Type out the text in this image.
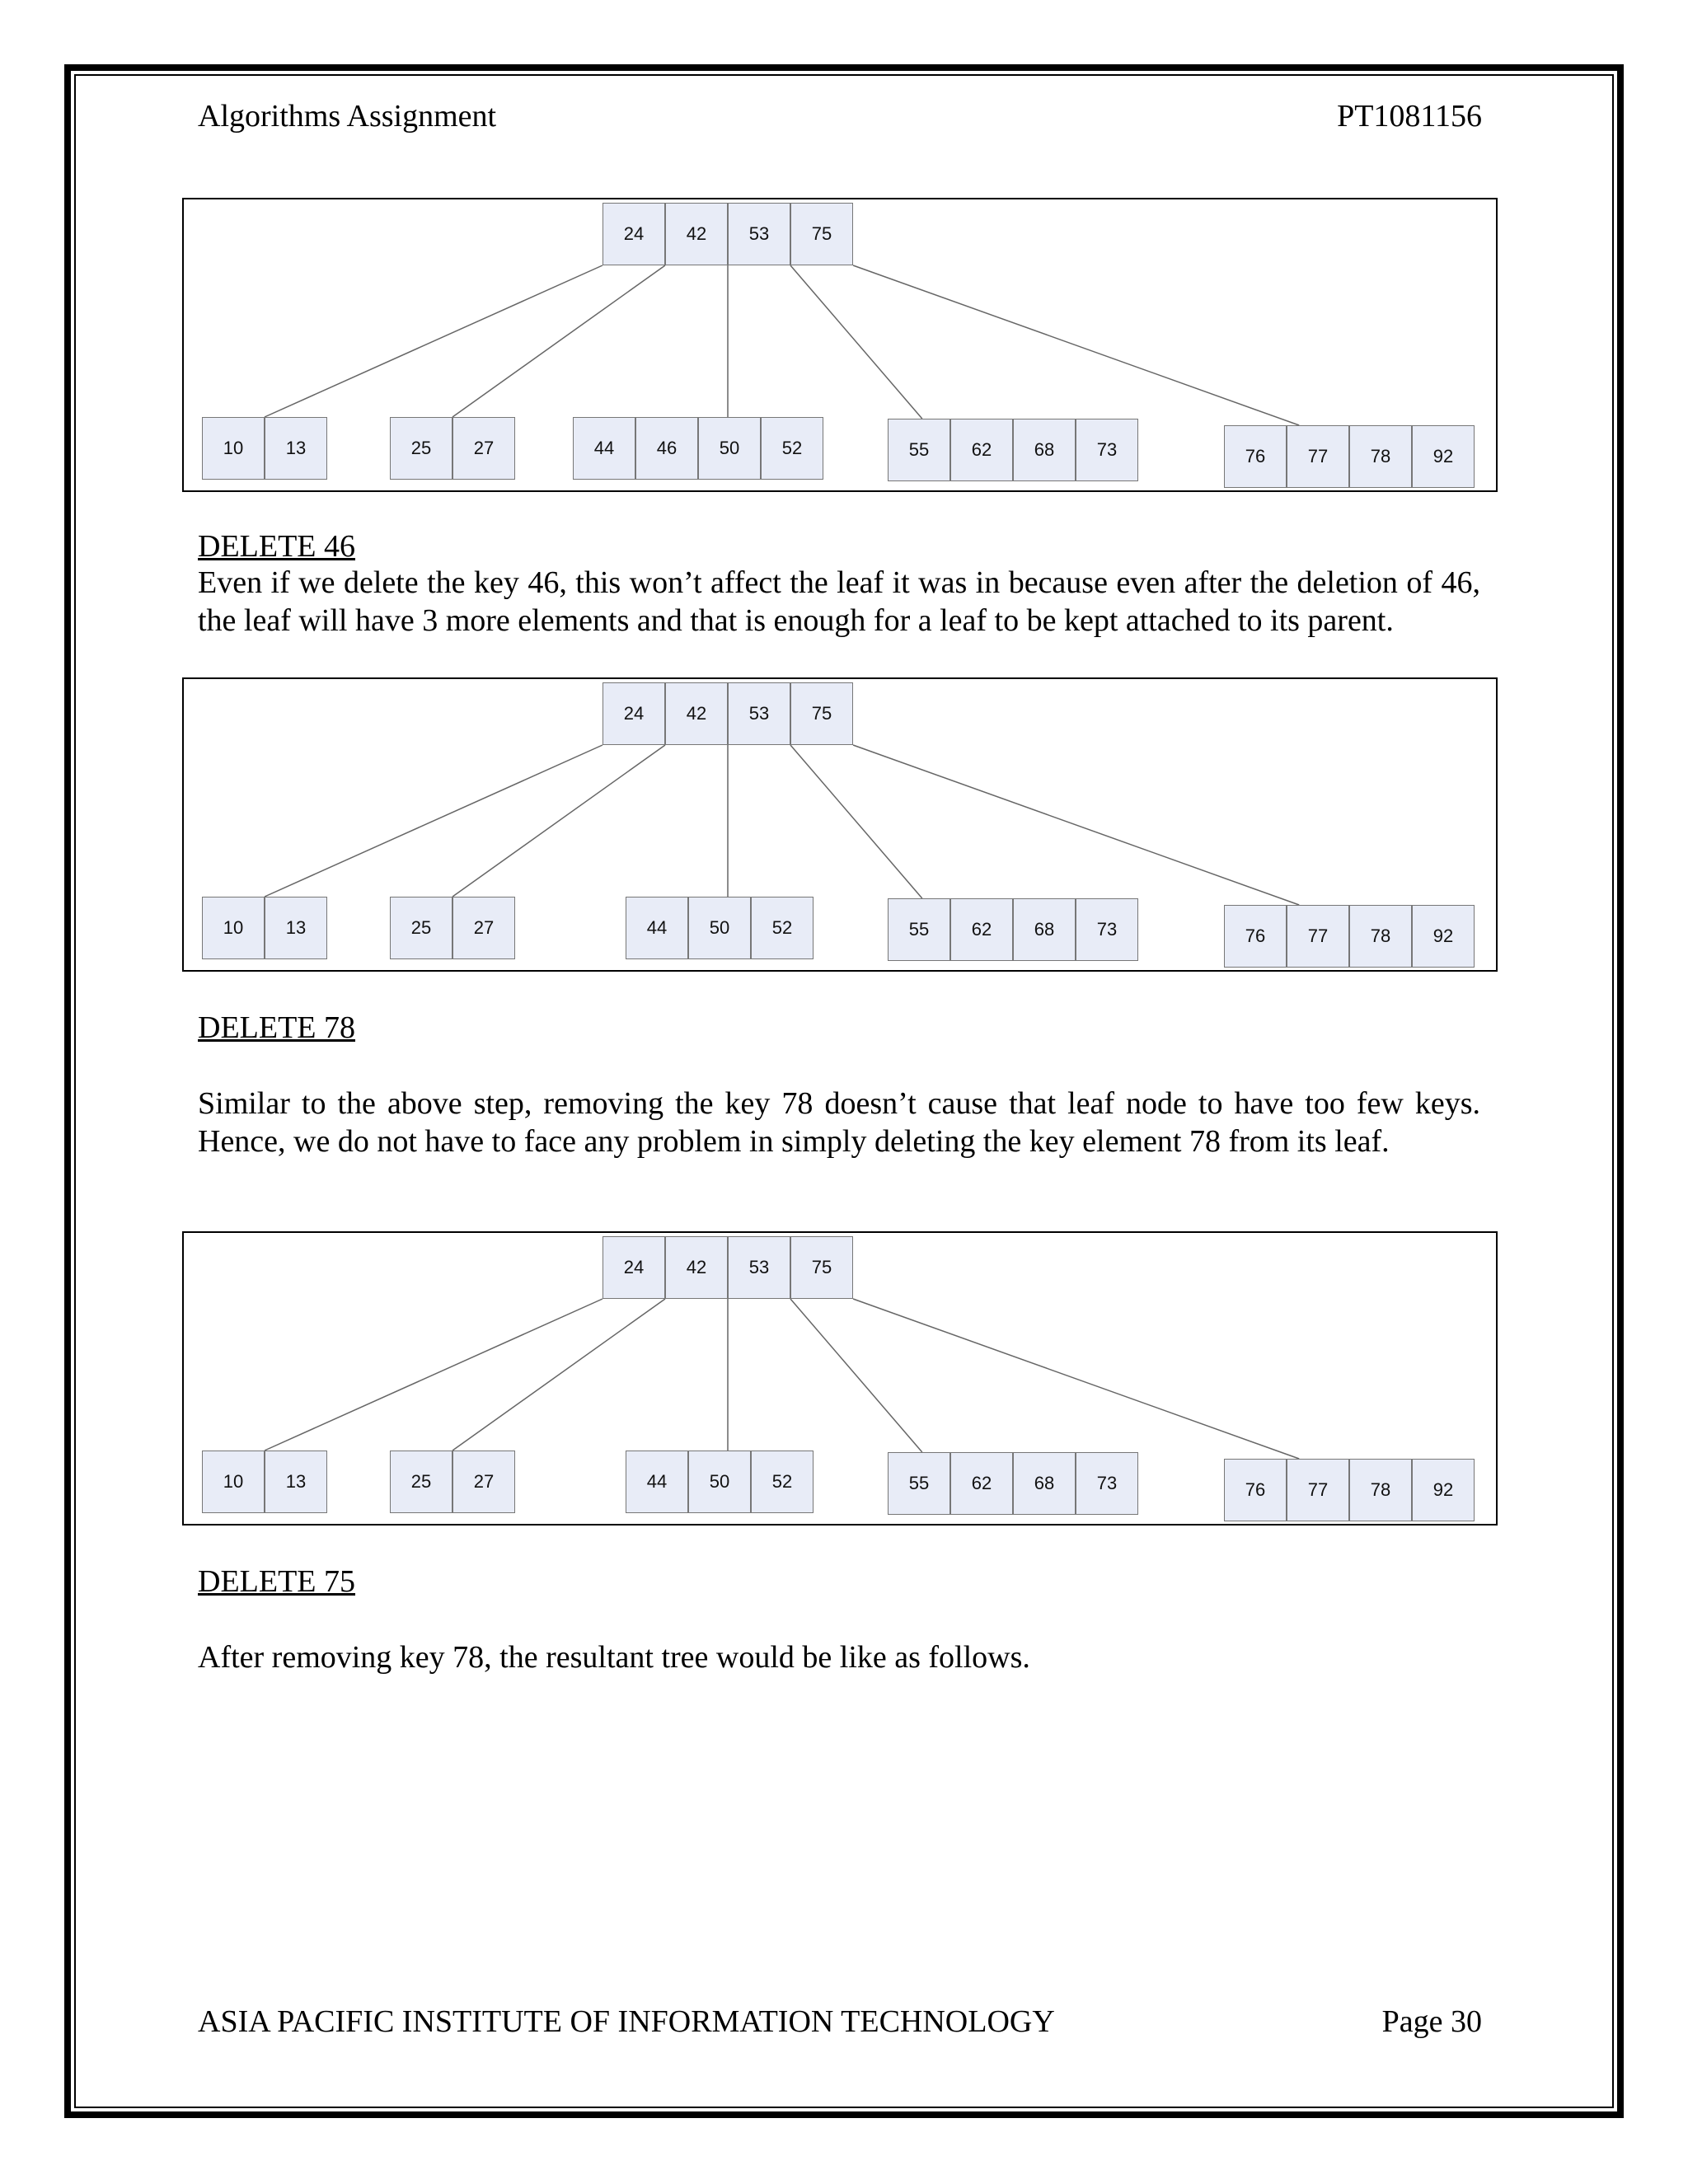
Algorithms Assignment	PT1081156

24	42	53	75
10	13	25	27	44	46	50	52	55	62	68	73	76	77	78	92

DELETE 46

Even if we delete the key 46, this won’t affect the leaf it was in because even after the deletion of 46, the leaf will have 3 more elements and that is enough for a leaf to be kept attached to its parent.

24	42	53	75
10	13	25	27	44	50	52	55	62	68	73	76	77	78	92

DELETE 78

Similar to the above step, removing the key 78 doesn’t cause that leaf node to have too few keys. Hence, we do not have to face any problem in simply deleting the key element 78 from its leaf.

24	42	53	75
10	13	25	27	44	50	52	55	62	68	73	76	77	78	92

DELETE 75

After removing key 78, the resultant tree would be like as follows.

ASIA PACIFIC INSTITUTE OF INFORMATION TECHNOLOGY	Page 30
